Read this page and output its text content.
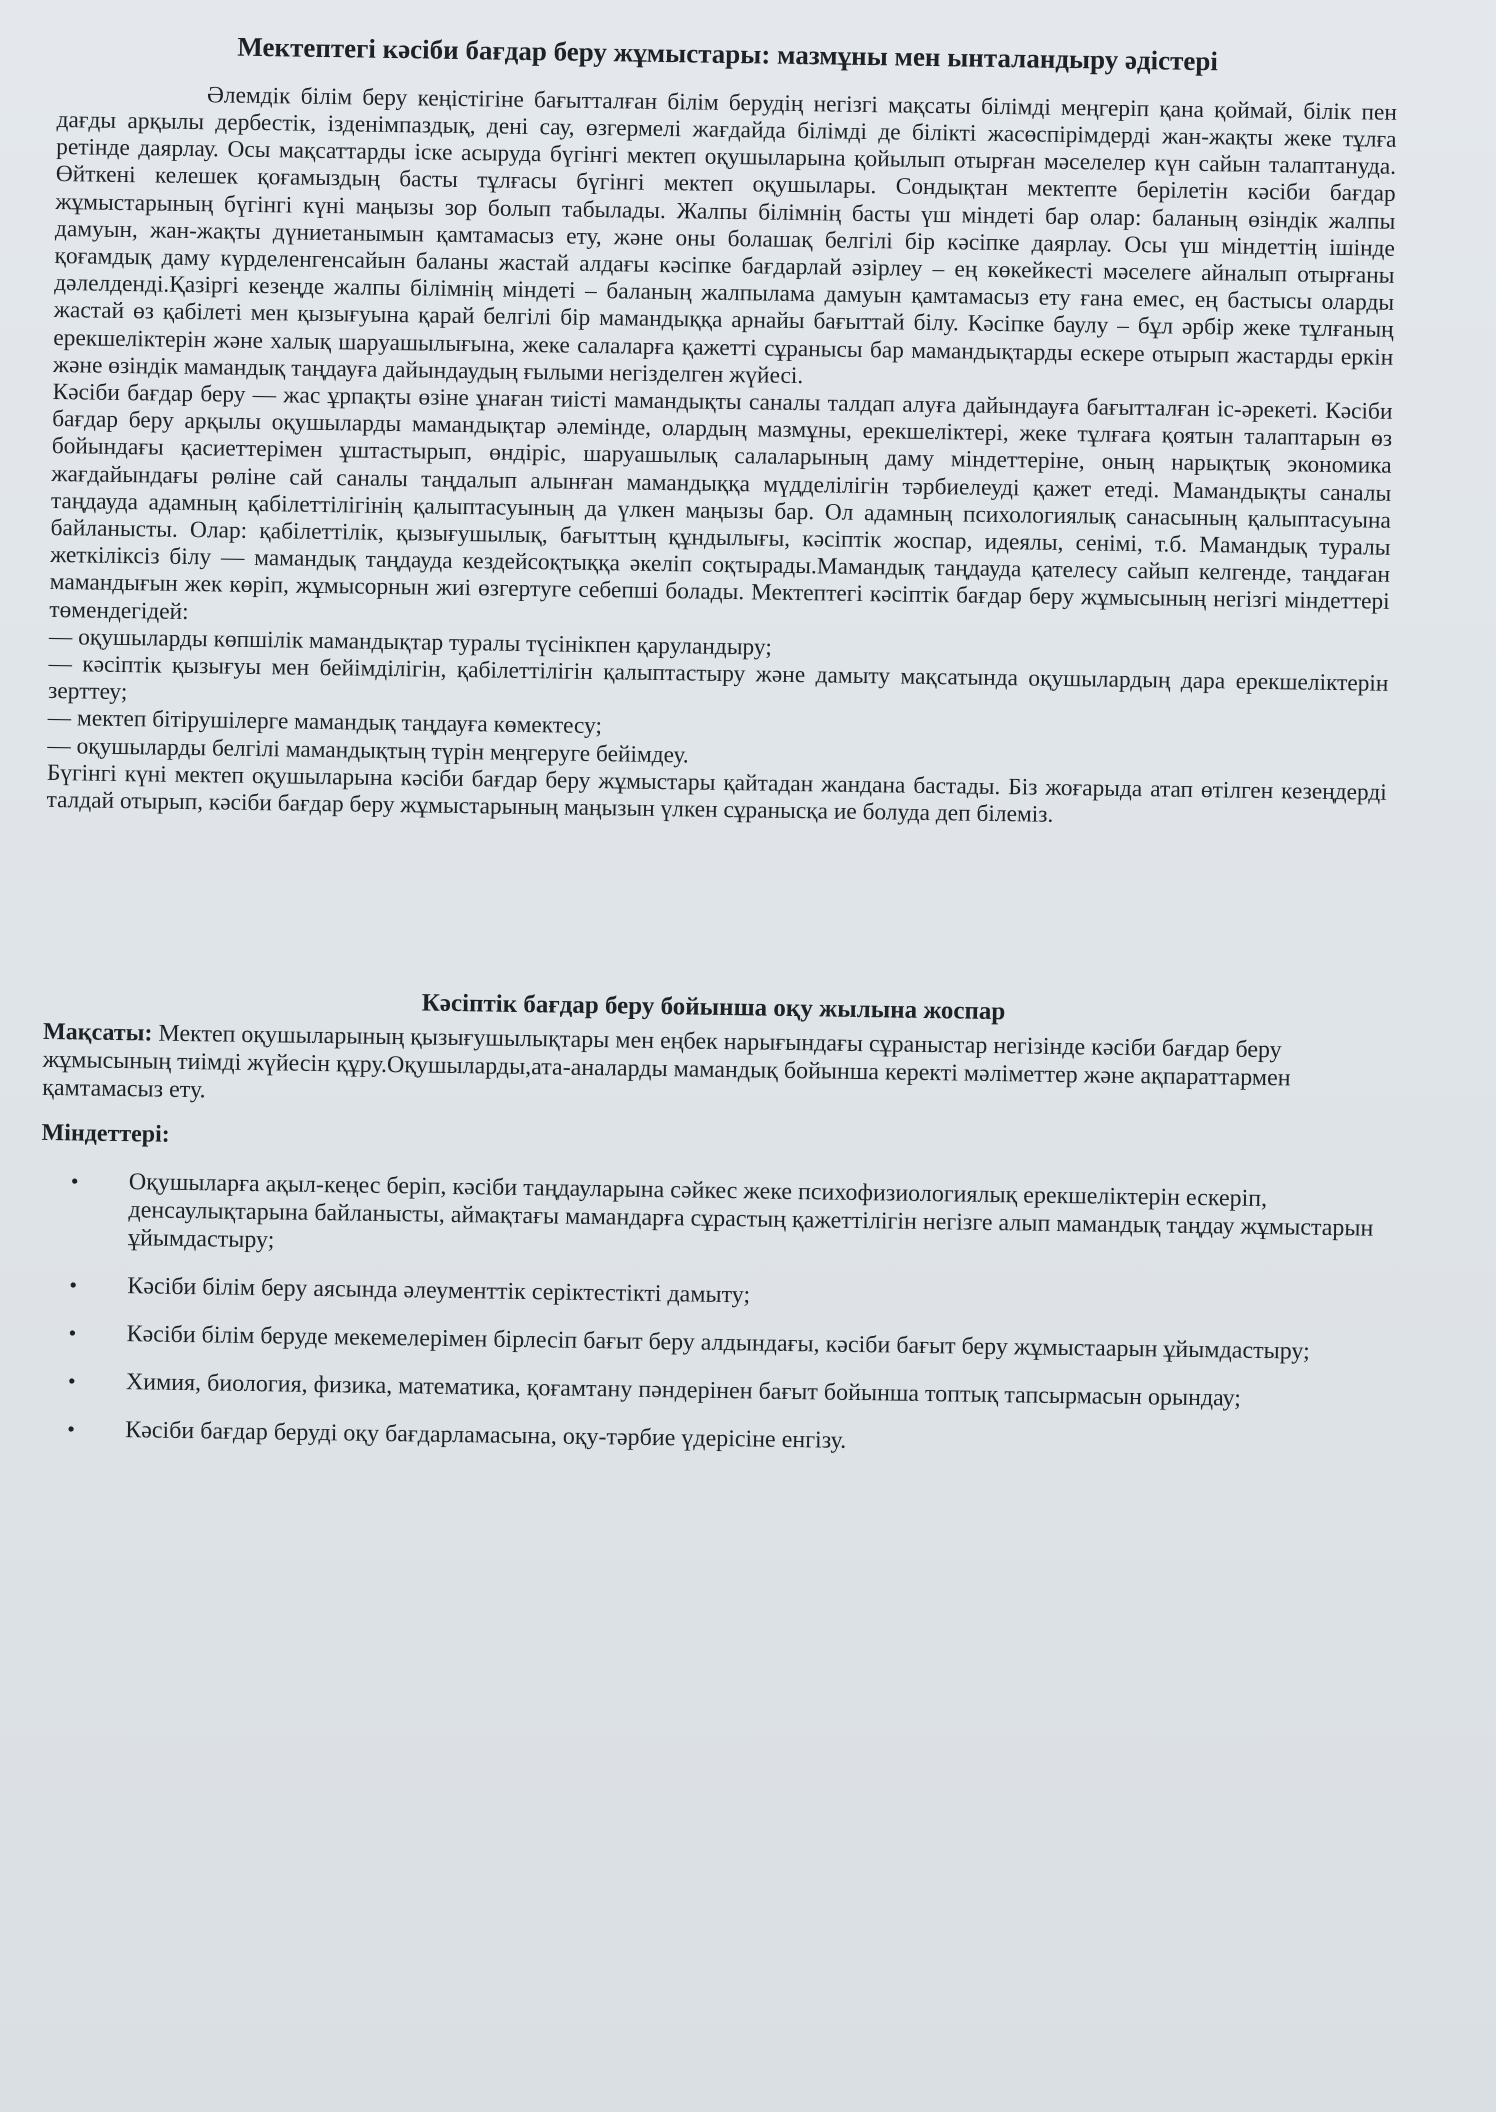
Мектептегі кәсіби бағдар беру жұмыстары: мазмұны мен ынталандыру әдістері

Әлемдік білім беру кеңістігіне бағытталған білім берудің негізгі мақсаты білімді меңгеріп қана қоймай, білік пен дағды арқылы дербестік, ізденімпаздық, дені сау, өзгермелі жағдайда білімді де білікті жасөспірімдерді жан-жақты жеке тұлға ретінде даярлау. Осы мақсаттарды іске асыруда бүгінгі мектеп оқушыларына қойылып отырған мәселелер күн сайын талаптануда. Өйткені келешек қоғамыздың басты тұлғасы бүгінгі мектеп оқушылары. Сондықтан мектепте берілетін кәсіби бағдар жұмыстарының бүгінгі күні маңызы зор болып табылады. Жалпы білімнің басты үш міндеті бар олар: баланың өзіндік жалпы дамуын, жан-жақты дүниетанымын қамтамасыз ету, және оны болашақ белгілі бір кәсіпке даярлау. Осы үш міндеттің ішінде қоғамдық даму күрделенгенсайын баланы жастай алдағы кәсіпке бағдарлай әзірлеу – ең көкейкесті мәселеге айналып отырғаны дәлелденді.Қазіргі кезеңде жалпы білімнің міндеті – баланың жалпылама дамуын қамтамасыз ету ғана емес, ең бастысы оларды жастай өз қабілеті мен қызығуына қарай белгілі бір мамандыққа арнайы бағыттай білу. Кәсіпке баулу – бұл әрбір жеке тұлғаның ерекшеліктерін және халық шаруашылығына, жеке салаларға қажетті сұранысы бар мамандықтарды ескере отырып жастарды еркін және өзіндік мамандық таңдауға дайындаудың ғылыми негізделген жүйесі.

Кәсіби бағдар беру — жас ұрпақты өзіне ұнаған тиісті мамандықты саналы талдап алуға дайындауға бағытталған іс-әрекеті. Кәсіби бағдар беру арқылы оқушыларды мамандықтар әлемінде, олардың мазмұны, ерекшеліктері, жеке тұлғаға қоятын талаптарын өз бойындағы қасиеттерімен ұштастырып, өндіріс, шаруашылық салаларының даму міндеттеріне, оның нарықтық экономика жағдайындағы рөліне сай саналы таңдалып алынған мамандыққа мүдделілігін тәрбиелеуді қажет етеді. Мамандықты саналы таңдауда адамның қабілеттілігінің қалыптасуының да үлкен маңызы бар. Ол адамның психологиялық санасының қалыптасуына байланысты. Олар: қабілеттілік, қызығушылық, бағыттың құндылығы, кәсіптік жоспар, идеялы, сенімі, т.б. Мамандық туралы жеткіліксіз білу — мамандық таңдауда кездейсоқтыққа әкеліп соқтырады.Мамандық таңдауда қателесу сайып келгенде, таңдаған мамандығын жек көріп, жұмысорнын жиі өзгертуге себепші болады. Мектептегі кәсіптік бағдар беру жұмысының негізгі міндеттері төмендегідей:

— оқушыларды көпшілік мамандықтар туралы түсінікпен қаруландыру;

— кәсіптік қызығуы мен бейімділігін, қабілеттілігін қалыптастыру және дамыту мақсатында оқушылардың дара ерекшеліктерін зерттеу;

— мектеп бітірушілерге мамандық таңдауға көмектесу;

— оқушыларды белгілі мамандықтың түрін меңгеруге бейімдеу.

Бүгінгі күні мектеп оқушыларына кәсіби бағдар беру жұмыстары қайтадан жандана бастады. Біз жоғарыда атап өтілген кезеңдерді талдай отырып, кәсіби бағдар беру жұмыстарының маңызын үлкен сұранысқа ие болуда деп білеміз.

Кәсіптік бағдар беру бойынша оқу жылына жоспар

Мақсаты: Мектеп оқушыларының қызығушылықтары мен еңбек нарығындағы сұраныстар негізінде кәсіби бағдар беру жұмысының тиімді жүйесін құру.Оқушыларды,ата-аналарды мамандық бойынша керекті мәліметтер және ақпараттармен қамтамасыз ету.

Міндеттері:

• Оқушыларға ақыл-кеңес беріп, кәсіби таңдауларына сәйкес жеке психофизиологиялық ерекшеліктерін ескеріп, денсаулықтарына байланысты, аймақтағы мамандарға сұрастың қажеттілігін негізге алып мамандық таңдау жұмыстарын ұйымдастыру;
• Кәсіби білім беру аясында әлеументтік серіктестікті дамыту;
• Кәсіби білім беруде мекемелерімен бірлесіп бағыт беру алдындағы, кәсіби бағыт беру жұмыстаарын ұйымдастыру;
• Химия, биология, физика, математика, қоғамтану пәндерінен бағыт бойынша топтық тапсырмасын орындау;
• Кәсіби бағдар беруді оқу бағдарламасына, оқу-тәрбие үдерісіне енгізу.
